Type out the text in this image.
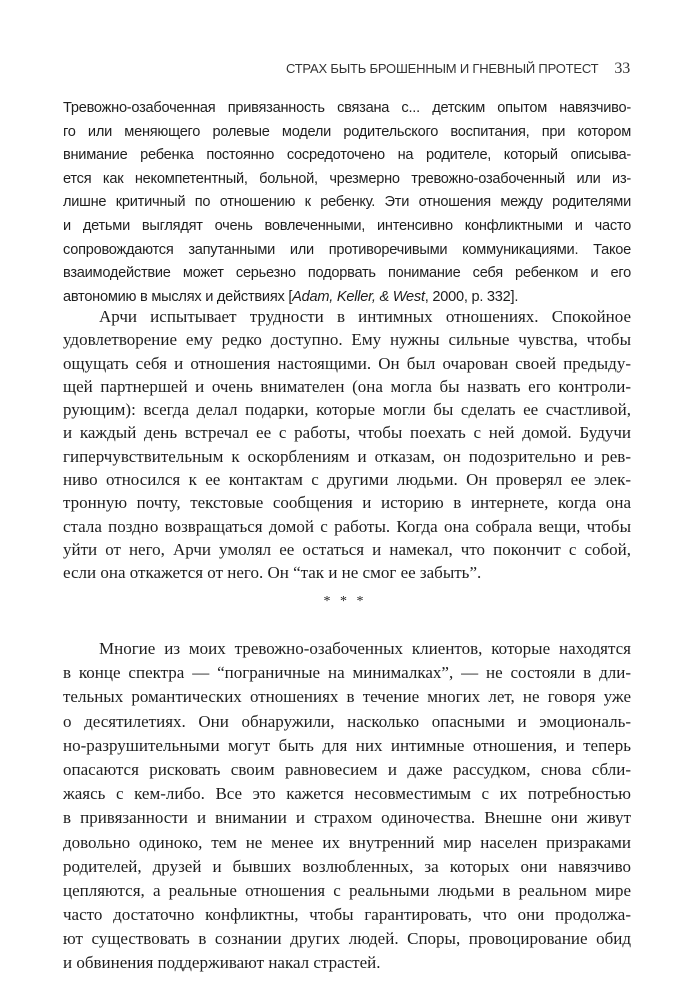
СТРАХ БЫТЬ БРОШЕННЫМ И ГНЕВНЫЙ ПРОТЕСТ 33
Тревожно-озабоченная привязанность связана с... детским опытом навязчиво-
го или меняющего ролевые модели родительского воспитания, при котором
внимание ребенка постоянно сосредоточено на родителе, который описыва-
ется как некомпетентный, больной, чрезмерно тревожно-озабоченный или из-
лишне критичный по отношению к ребенку. Эти отношения между родителями
и детьми выглядят очень вовлеченными, интенсивно конфликтными и часто
сопровождаются запутанными или противоречивыми коммуникациями. Такое
взаимодействие может серьезно подорвать понимание себя ребенком и его
автономию в мыслях и действиях [Adam, Keller, & West, 2000, p. 332].
Арчи испытывает трудности в интимных отношениях. Спокойное
удовлетворение ему редко доступно. Ему нужны сильные чувства, чтобы
ощущать себя и отношения настоящими. Он был очарован своей предыду-
щей партнершей и очень внимателен (она могла бы назвать его контроли-
рующим): всегда делал подарки, которые могли бы сделать ее счастливой,
и каждый день встречал ее с работы, чтобы поехать с ней домой. Будучи
гиперчувствительным к оскорблениям и отказам, он подозрительно и рев-
ниво относился к ее контактам с другими людьми. Он проверял ее элек-
тронную почту, текстовые сообщения и историю в интернете, когда она
стала поздно возвращаться домой с работы. Когда она собрала вещи, чтобы
уйти от него, Арчи умолял ее остаться и намекал, что покончит с собой,
если она откажется от него. Он “так и не смог ее забыть”.
* * *
Многие из моих тревожно-озабоченных клиентов, которые находятся
в конце спектра — “пограничные на минималках”, — не состояли в дли-
тельных романтических отношениях в течение многих лет, не говоря уже
о десятилетиях. Они обнаружили, насколько опасными и эмоциональ-
но-разрушительными могут быть для них интимные отношения, и теперь
опасаются рисковать своим равновесием и даже рассудком, снова сбли-
жаясь с кем-либо. Все это кажется несовместимым с их потребностью
в привязанности и внимании и страхом одиночества. Внешне они живут
довольно одиноко, тем не менее их внутренний мир населен призраками
родителей, друзей и бывших возлюбленных, за которых они навязчиво
цепляются, а реальные отношения с реальными людьми в реальном мире
часто достаточно конфликтны, чтобы гарантировать, что они продолжа-
ют существовать в сознании других людей. Споры, провоцирование обид
и обвинения поддерживают накал страстей.
